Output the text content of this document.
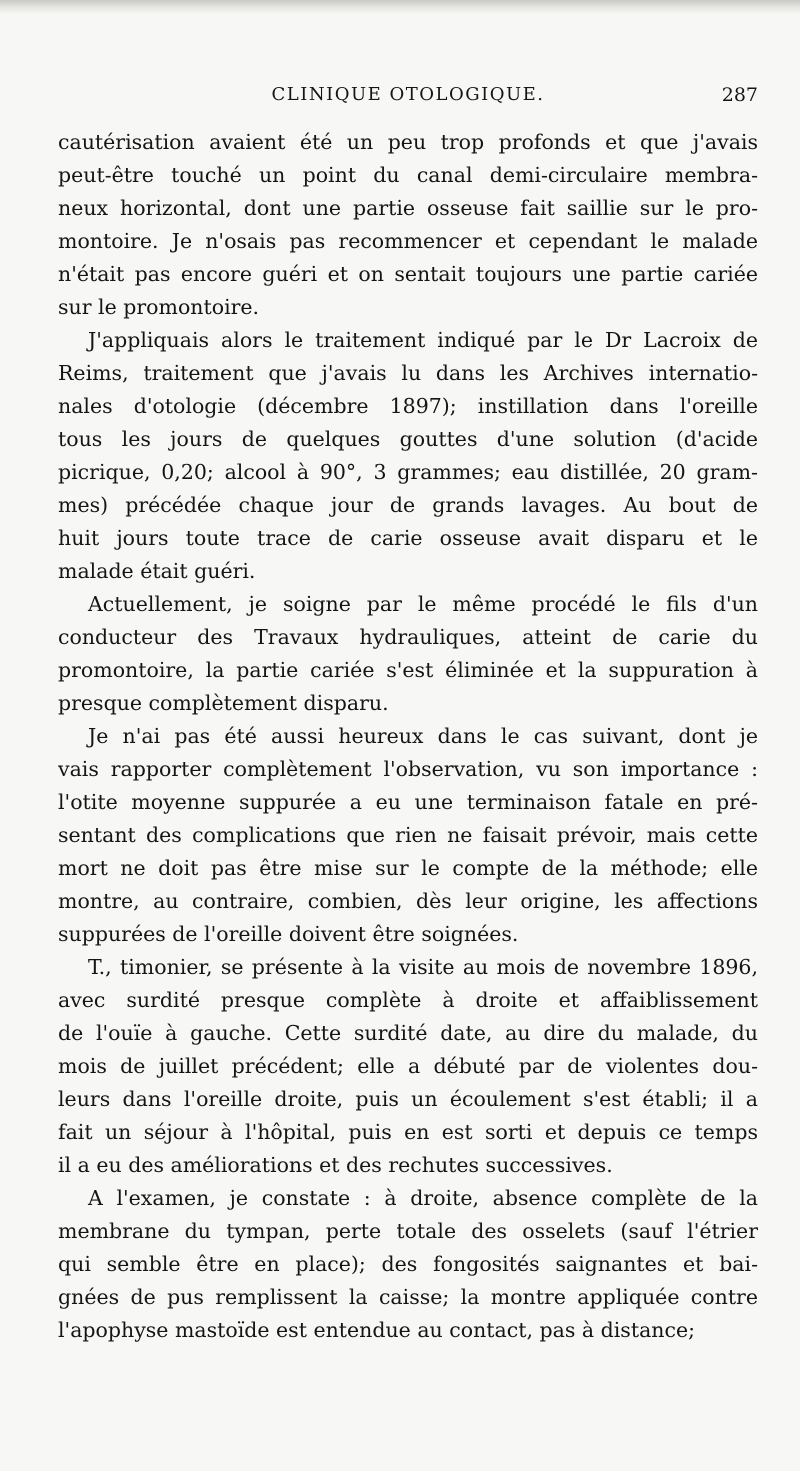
CLINIQUE OTOLOGIQUE.	287
cautérisation avaient été un peu trop profonds et que j'avais
peut-être touché un point du canal demi-circulaire membra-
neux horizontal, dont une partie osseuse fait saillie sur le pro-
montoire. Je n'osais pas recommencer et cependant le malade
n'était pas encore guéri et on sentait toujours une partie cariée
sur le promontoire.
J'appliquais alors le traitement indiqué par le Dr Lacroix de
Reims, traitement que j'avais lu dans les Archives internatio-
nales d'otologie (décembre 1897); instillation dans l'oreille
tous les jours de quelques gouttes d'une solution (d'acide
picrique, 0,20; alcool à 90°, 3 grammes; eau distillée, 20 gram-
mes) précédée chaque jour de grands lavages. Au bout de
huit jours toute trace de carie osseuse avait disparu et le
malade était guéri.
Actuellement, je soigne par le même procédé le fils d'un
conducteur des Travaux hydrauliques, atteint de carie du
promontoire, la partie cariée s'est éliminée et la suppuration à
presque complètement disparu.
Je n'ai pas été aussi heureux dans le cas suivant, dont je
vais rapporter complètement l'observation, vu son importance :
l'otite moyenne suppurée a eu une terminaison fatale en pré-
sentant des complications que rien ne faisait prévoir, mais cette
mort ne doit pas être mise sur le compte de la méthode; elle
montre, au contraire, combien, dès leur origine, les affections
suppurées de l'oreille doivent être soignées.
T., timonier, se présente à la visite au mois de novembre 1896,
avec surdité presque complète à droite et affaiblissement
de l'ouïe à gauche. Cette surdité date, au dire du malade, du
mois de juillet précédent; elle a débuté par de violentes dou-
leurs dans l'oreille droite, puis un écoulement s'est établi; il a
fait un séjour à l'hôpital, puis en est sorti et depuis ce temps
il a eu des améliorations et des rechutes successives.
A l'examen, je constate : à droite, absence complète de la
membrane du tympan, perte totale des osselets (sauf l'étrier
qui semble être en place); des fongosités saignantes et bai-
gnées de pus remplissent la caisse; la montre appliquée contre
l'apophyse mastoïde est entendue au contact, pas à distance;
